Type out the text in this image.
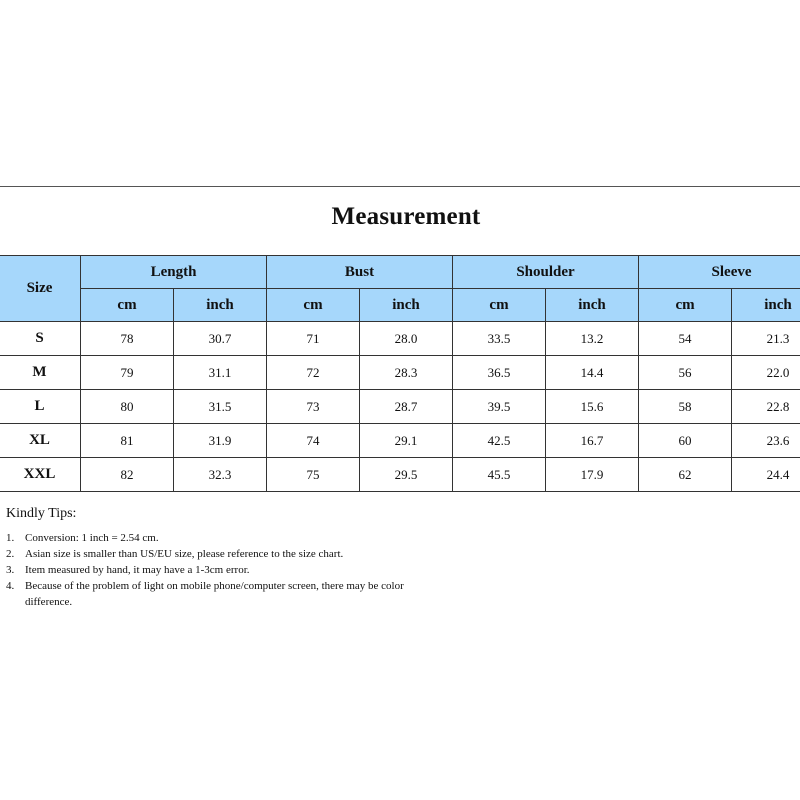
Measurement
Size	Length		Bust		Shoulder		Sleeve	
	cm	inch	cm	inch	cm	inch	cm	inch
S	78	30.7	71	28.0	33.5	13.2	54	21.3
M	79	31.1	72	28.3	36.5	14.4	56	22.0
L	80	31.5	73	28.7	39.5	15.6	58	22.8
XL	81	31.9	74	29.1	42.5	16.7	60	23.6
XXL	82	32.3	75	29.5	45.5	17.9	62	24.4
Kindly Tips:
1. Conversion: 1 inch = 2.54 cm.
2. Asian size is smaller than US/EU size, please reference to the size chart.
3. Item measured by hand, it may have a 1-3cm error.
4. Because of the problem of light on mobile phone/computer screen, there may be color difference.
